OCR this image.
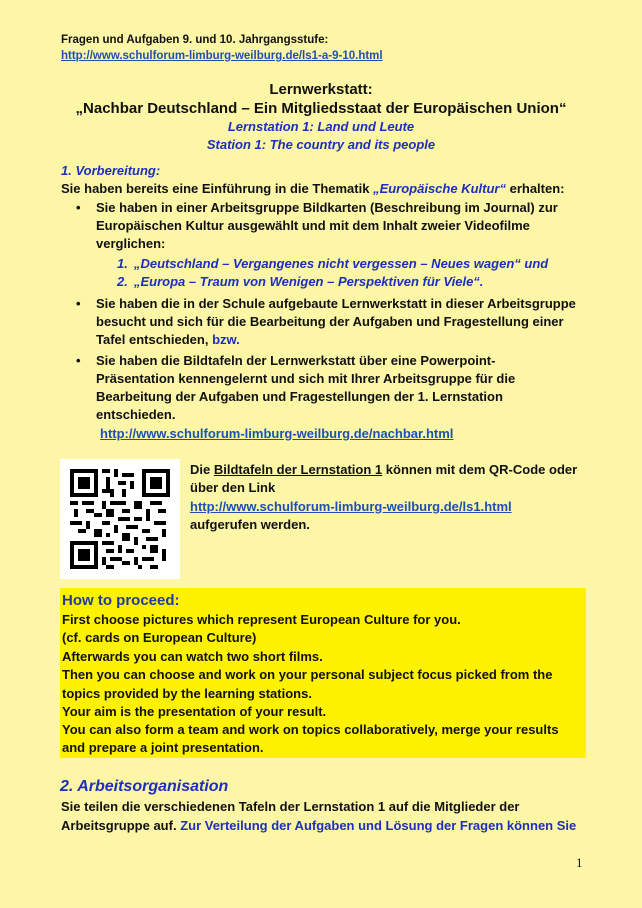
Fragen und Aufgaben 9. und 10. Jahrgangsstufe:
http://www.schulforum-limburg-weilburg.de/ls1-a-9-10.html
Lernwerkstatt:
„Nachbar Deutschland – Ein Mitgliedsstaat der Europäischen Union“
Lernstation 1: Land und Leute
Station 1: The country and its people
1. Vorbereitung:
Sie haben bereits eine Einführung in die Thematik „Europäische Kultur“ erhalten:
• Sie haben in einer Arbeitsgruppe Bildkarten (Beschreibung im Journal) zur
Europäischen Kultur ausgewählt und mit dem Inhalt zweier Videofilme
verglichen:
1. „Deutschland – Vergangenes nicht vergessen – Neues wagen“ und
2. „Europa – Traum von Wenigen – Perspektiven für Viele“.
• Sie haben die in der Schule aufgebaute Lernwerkstatt in dieser Arbeitsgruppe
besucht und sich für die Bearbeitung der Aufgaben und Fragestellung einer
Tafel entschieden, bzw.
• Sie haben die Bildtafeln der Lernwerkstatt über eine Powerpoint-
Präsentation kennengelernt und sich mit Ihrer Arbeitsgruppe für die
Bearbeitung der Aufgaben und Fragestellungen der 1. Lernstation
entschieden.
http://www.schulforum-limburg-weilburg.de/nachbar.html
Die Bildtafeln der Lernstation 1 können mit dem QR-Code oder
über den Link
http://www.schulforum-limburg-weilburg.de/ls1.html
aufgerufen werden.
How to proceed:
First choose pictures which represent European Culture for you.
(cf. cards on European Culture)
Afterwards you can watch two short films.
Then you can choose and work on your personal subject focus picked from the
topics provided by the learning stations.
Your aim is the presentation of your result.
You can also form a team and work on topics collaboratively, merge your results
and prepare a joint presentation.
2. Arbeitsorganisation
Sie teilen die verschiedenen Tafeln der Lernstation 1 auf die Mitglieder der
Arbeitsgruppe auf. Zur Verteilung der Aufgaben und Lösung der Fragen können Sie
1
